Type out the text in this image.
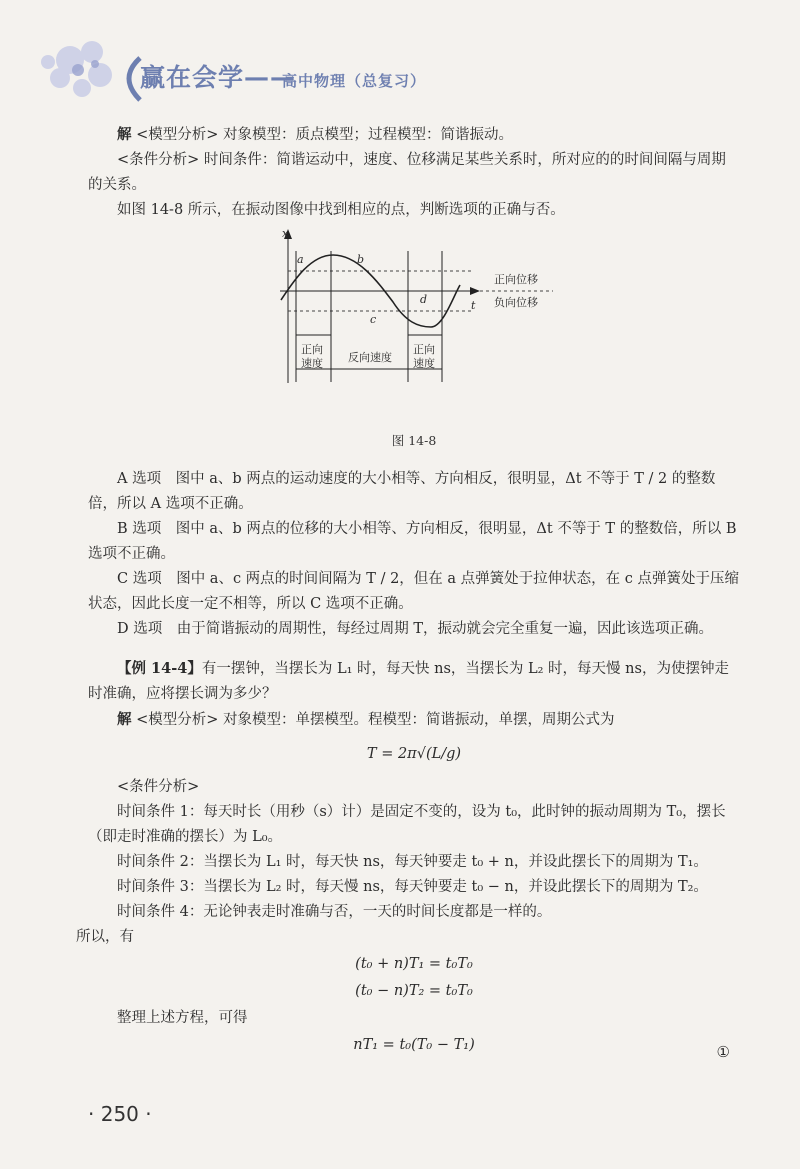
赢在会学——
高中物理（总复习）

解 <模型分析> 对象模型：质点模型；过程模型：简谐振动。

<条件分析> 时间条件：简谐运动中，速度、位移满足某些关系时，所对应的的时间间隔与周期的关系。

如图 14-8 所示，在振动图像中找到相应的点，判断选项的正确与否。

x
t
a	b
c
d
正向位移
负向位移
正向
速度 反向速度
正向
速度
图 14-8

A 选项　图中 a、b 两点的运动速度的大小相等、方向相反，很明显，Δt 不等于 T / 2 的整数倍，所以 A 选项不正确。

B 选项　图中 a、b 两点的位移的大小相等、方向相反，很明显，Δt 不等于 T 的整数倍，所以 B 选项不正确。

C 选项　图中 a、c 两点的时间间隔为 T / 2，但在 a 点弹簧处于拉伸状态，在 c 点弹簧处于压缩状态，因此长度一定不相等，所以 C 选项不正确。

D 选项　由于简谐振动的周期性，每经过周期 T，振动就会完全重复一遍，因此该选项正确。

【例 14-4】有一摆钟，当摆长为 L₁ 时，每天快 ns，当摆长为 L₂ 时，每天慢 ns，为使摆钟走时准确，应将摆长调为多少？

解 <模型分析> 对象模型：单摆模型。程模型：简谐振动，单摆，周期公式为

T = 2π√(L/g)

<条件分析>

时间条件 1：每天时长（用秒（s）计）是固定不变的，设为 t₀，此时钟的振动周期为 T₀，摆长（即走时准确的摆长）为 L₀。

时间条件 2：当摆长为 L₁ 时，每天快 ns，每天钟要走 t₀ + n，并设此摆长下的周期为 T₁。

时间条件 3：当摆长为 L₂ 时，每天慢 ns，每天钟要走 t₀ − n，并设此摆长下的周期为 T₂。

时间条件 4：无论钟表走时准确与否，一天的时间长度都是一样的。

所以，有

(t₀ + n)T₁ = t₀T₀
(t₀ − n)T₂ = t₀T₀

整理上述方程，可得

nT₁ = t₀(T₀ − T₁)	①
· 250 ·
